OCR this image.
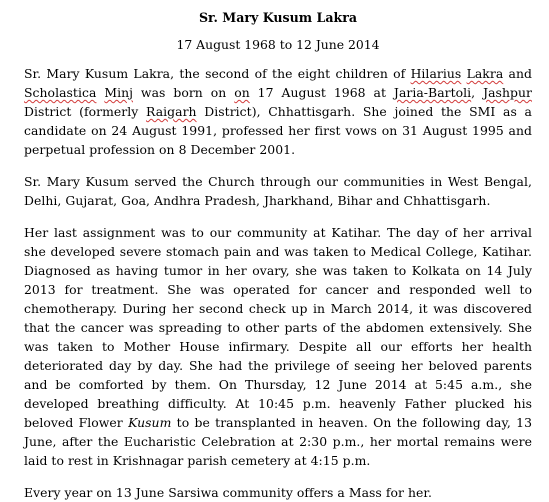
Sr. Mary Kusum Lakra
17 August 1968 to 12 June 2014

Sr. Mary Kusum Lakra, the second of the eight children of Hilarius Lakra and Scholastica Minj was born on on 17 August 1968 at Jaria-Bartoli, Jashpur District (formerly Raigarh District), Chhattisgarh. She joined the SMI as a candidate on 24 August 1991, professed her first vows on 31 August 1995 and perpetual profession on 8 December 2001.

Sr. Mary Kusum served the Church through our communities in West Bengal, Delhi, Gujarat, Goa, Andhra Pradesh, Jharkhand, Bihar and Chhattisgarh.

Her last assignment was to our community at Katihar. The day of her arrival she developed severe stomach pain and was taken to Medical College, Katihar. Diagnosed as having tumor in her ovary, she was taken to Kolkata on 14 July 2013 for treatment. She was operated for cancer and responded well to chemotherapy. During her second check up in March 2014, it was discovered that the cancer was spreading to other parts of the abdomen extensively. She was taken to Mother House infirmary. Despite all our efforts her health deteriorated day by day. She had the privilege of seeing her beloved parents and be comforted by them. On Thursday, 12 June 2014 at 5:45 a.m., she developed breathing difficulty. At 10:45 p.m. heavenly Father plucked his beloved Flower Kusum to be transplanted in heaven. On the following day, 13 June, after the Eucharistic Celebration at 2:30 p.m., her mortal remains were laid to rest in Krishnagar parish cemetery at 4:15 p.m.

Every year on 13 June Sarsiwa community offers a Mass for her.
